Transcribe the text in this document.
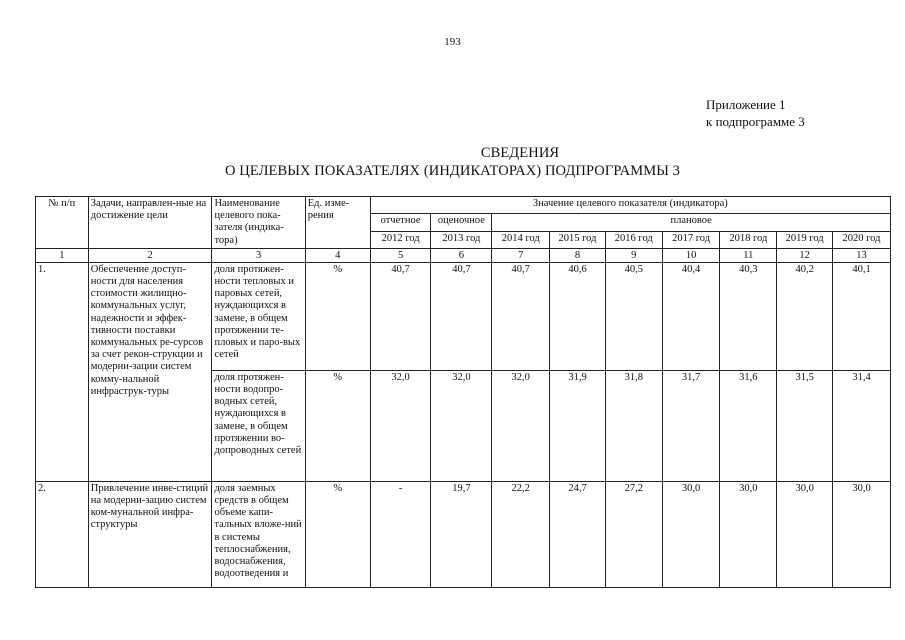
193
Приложение 1
к подпрограмме 3
СВЕДЕНИЯ
О ЦЕЛЕВЫХ ПОКАЗАТЕЛЯХ (ИНДИКАТОРАХ) ПОДПРОГРАММЫ 3
№ п/п	Задачи, направлен-ные на достижение цели	Наименование целевого пока-зателя (индика-тора)	Ед. изме-рения	Значение целевого показателя (индикатора)								
				отчетное	оценочное	плановое						
				2012 год	2013 год	2014 год	2015 год	2016 год	2017 год	2018 год	2019 год	2020 год
1	2	3	4	5	6	7	8	9	10	11	12	13
1.	Обеспечение доступ-ности для населения стоимости жилищно-коммунальных услуг, надежности и эффек-тивности поставки коммунальных ре-сурсов за счет рекон-струкции и модерни-зации систем комму-нальной инфраструк-туры	доля протяжен-ности тепловых и паровых сетей, нуждающихся в замене, в общем протяжении те-пловых и паро-вых сетей	%	40,7	40,7	40,7	40,6	40,5	40,4	40,3	40,2	40,1
		доля протяжен-ности водопро-водных сетей, нуждающихся в замене, в общем протяжении во-допроводных сетей	%	32,0	32,0	32,0	31,9	31,8	31,7	31,6	31,5	31,4
2.	Привлечение инве-стиций на модерни-зацию систем ком-мунальной инфра-структуры	доля заемных средств в общем объеме капи-тальных вложе-ний в системы теплоснабжения, водоснабжения, водоотведения и	%	-	19,7	22,2	24,7	27,2	30,0	30,0	30,0	30,0
